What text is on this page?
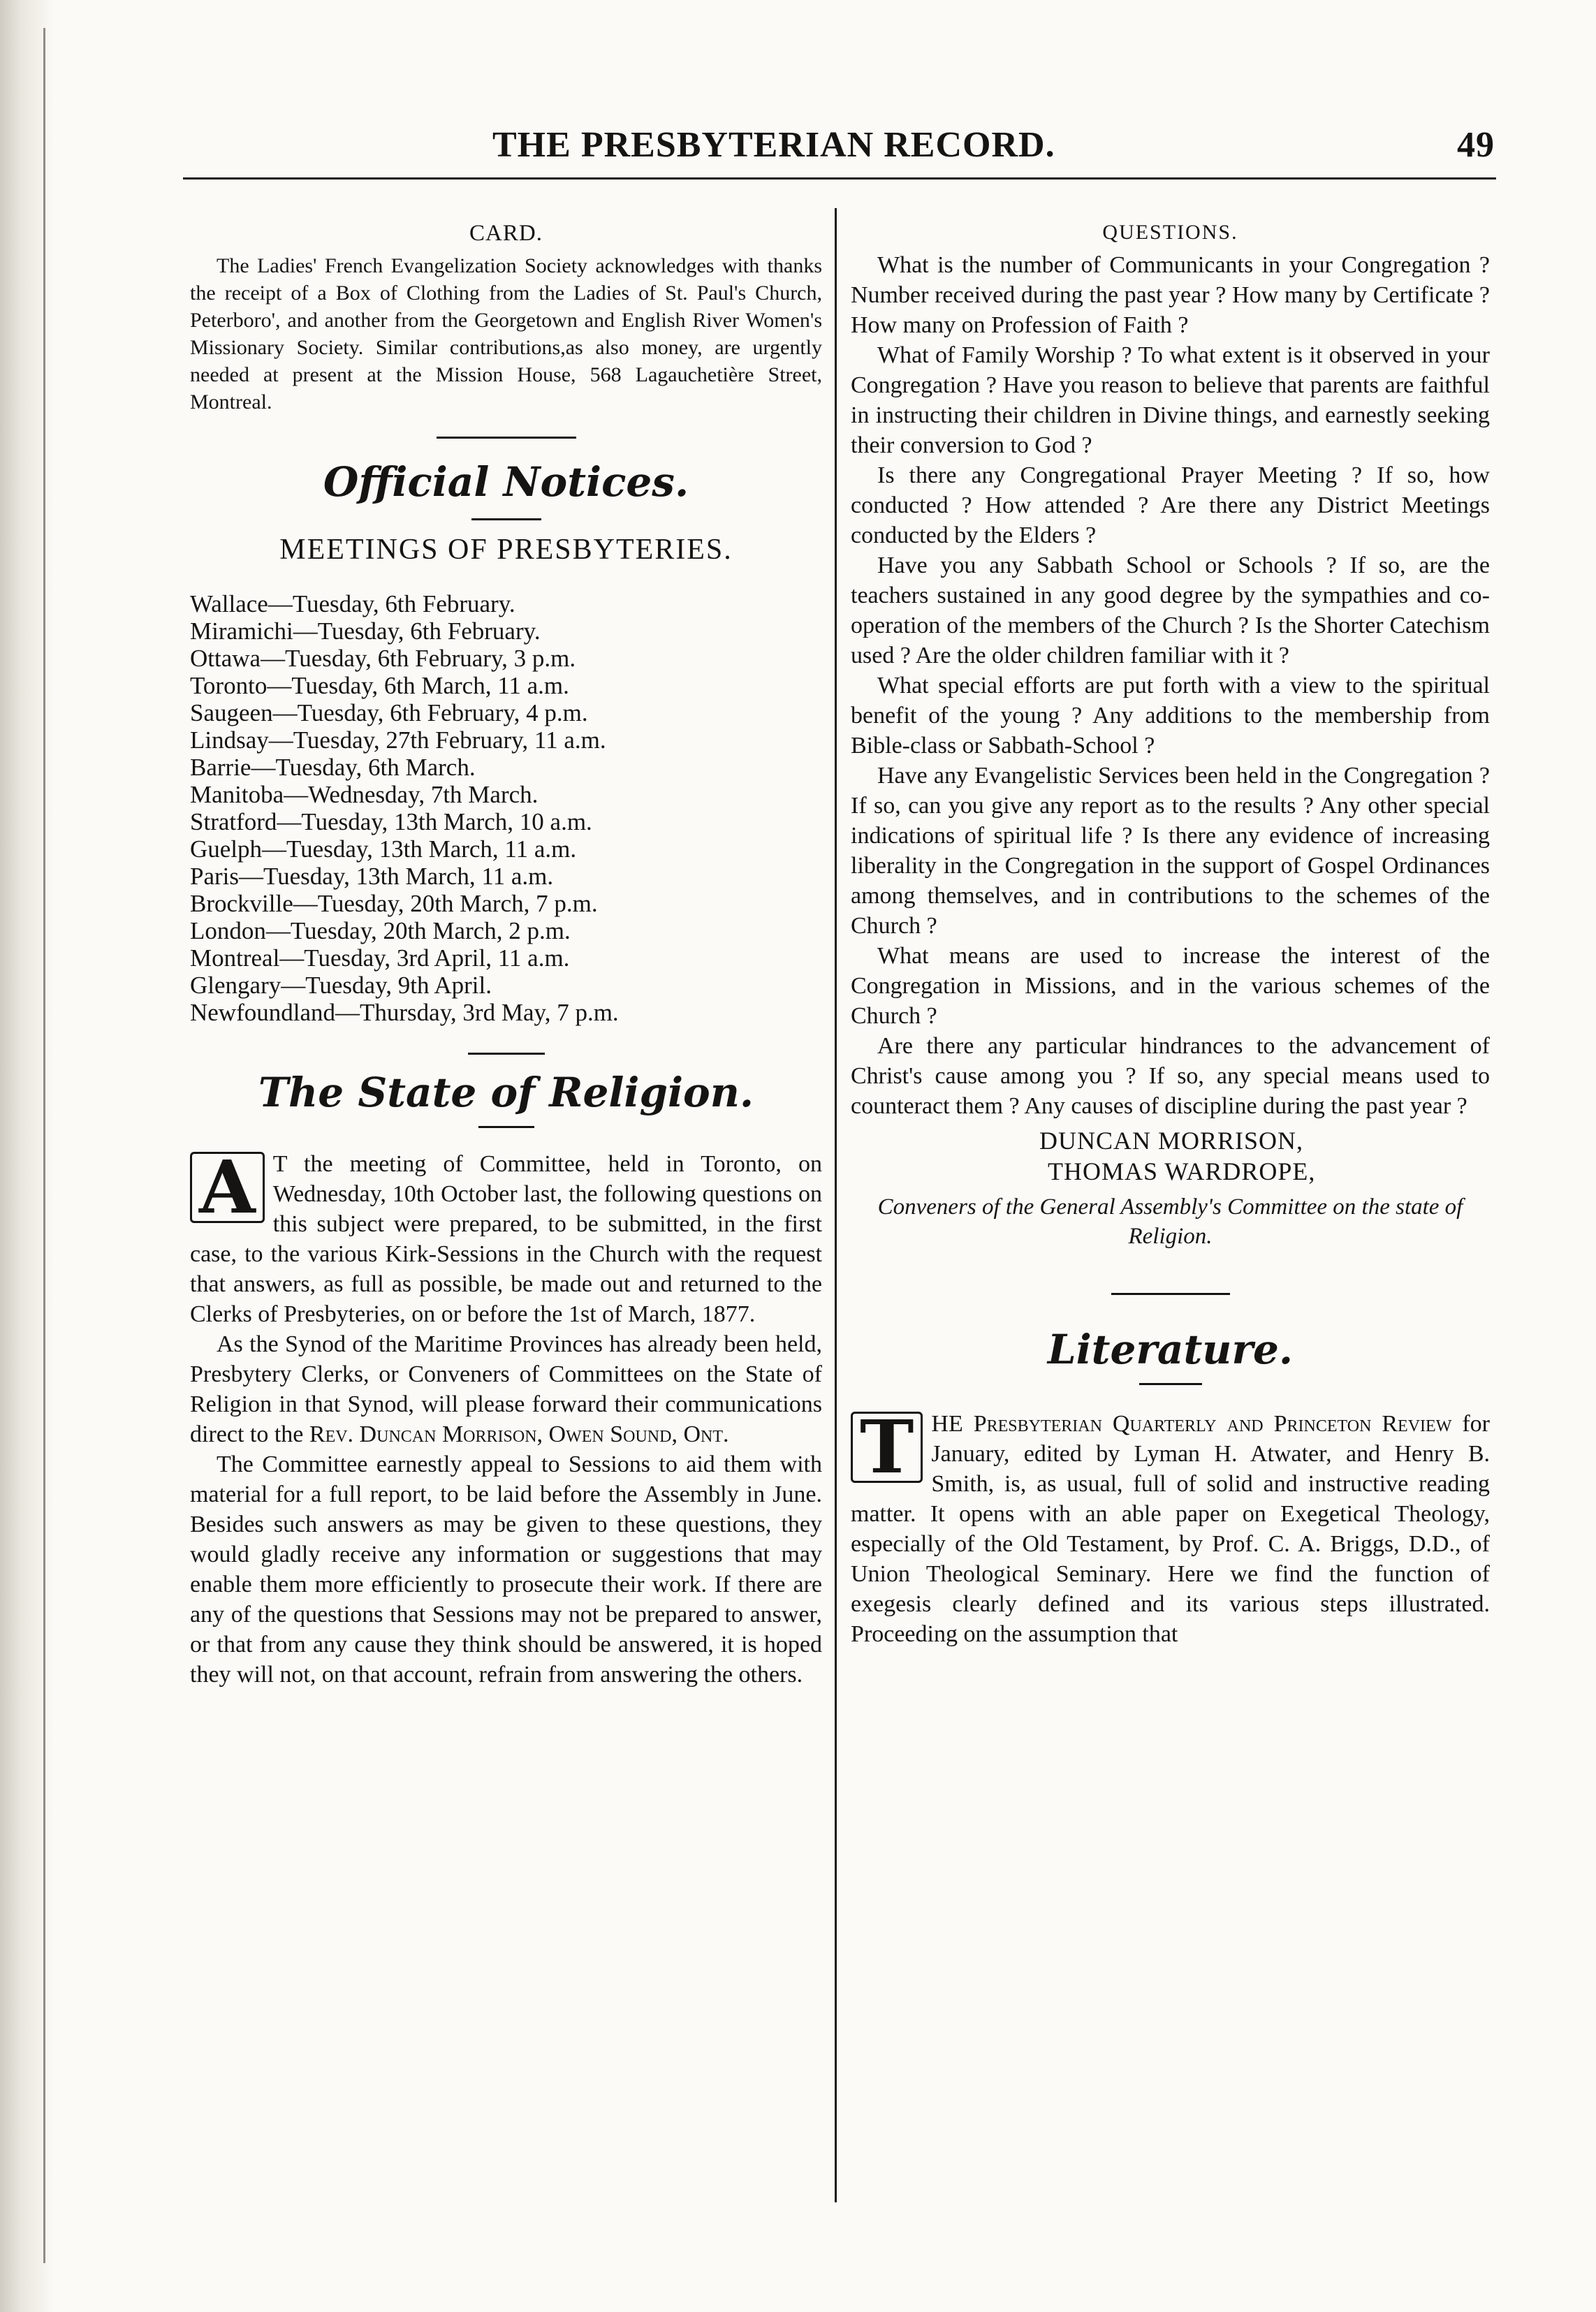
THE PRESBYTERIAN RECORD.	49

CARD.

The Ladies' French Evangelization Society acknowledges with thanks the receipt of a Box of Clothing from the Ladies of St. Paul's Church, Peterboro', and another from the Georgetown and English River Women's Missionary Society. Similar contributions,as also money, are urgently needed at present at the Mission House, 568 Lagauchetière Street, Montreal.

Official Notices.

MEETINGS OF PRESBYTERIES.

Wallace—Tuesday, 6th February.

Miramichi—Tuesday, 6th February.

Ottawa—Tuesday, 6th February, 3 p.m.

Toronto—Tuesday, 6th March, 11 a.m.

Saugeen—Tuesday, 6th February, 4 p.m.

Lindsay—Tuesday, 27th February, 11 a.m.

Barrie—Tuesday, 6th March.

Manitoba—Wednesday, 7th March.

Stratford—Tuesday, 13th March, 10 a.m.

Guelph—Tuesday, 13th March, 11 a.m.

Paris—Tuesday, 13th March, 11 a.m.

Brockville—Tuesday, 20th March, 7 p.m.

London—Tuesday, 20th March, 2 p.m.

Montreal—Tuesday, 3rd April, 11 a.m.

Glengary—Tuesday, 9th April.

Newfoundland—Thursday, 3rd May, 7 p.m.

The State of Religion.

A T the meeting of Committee, held in Toronto, on Wednesday, 10th October last, the following questions on this subject were prepared, to be submitted, in the first case, to the various Kirk-Sessions in the Church with the request that answers, as full as possible, be made out and returned to the Clerks of Presbyteries, on or before the 1st of March, 1877.

As the Synod of the Maritime Provinces has already been held, Presbytery Clerks, or Conveners of Committees on the State of Religion in that Synod, will please forward their communications direct to the Rev. Duncan Morrison, Owen Sound, Ont.

The Committee earnestly appeal to Sessions to aid them with material for a full report, to be laid before the Assembly in June. Besides such answers as may be given to these questions, they would gladly receive any information or suggestions that may enable them more efficiently to prosecute their work. If there are any of the questions that Sessions may not be prepared to answer, or that from any cause they think should be answered, it is hoped they will not, on that account, refrain from answering the others.

QUESTIONS.

What is the number of Communicants in your Congregation ? Number received during the past year ? How many by Certificate ? How many on Profession of Faith ?

What of Family Worship ? To what extent is it observed in your Congregation ? Have you reason to believe that parents are faithful in instructing their children in Divine things, and earnestly seeking their conversion to God ?

Is there any Congregational Prayer Meeting ? If so, how conducted ? How attended ? Are there any District Meetings conducted by the Elders ?

Have you any Sabbath School or Schools ? If so, are the teachers sustained in any good degree by the sympathies and co-operation of the members of the Church ? Is the Shorter Catechism used ? Are the older children familiar with it ?

What special efforts are put forth with a view to the spiritual benefit of the young ? Any additions to the membership from Bible-class or Sabbath-School ?

Have any Evangelistic Services been held in the Congregation ? If so, can you give any report as to the results ? Any other special indications of spiritual life ? Is there any evidence of increasing liberality in the Congregation in the support of Gospel Ordinances among themselves, and in contributions to the schemes of the Church ?

What means are used to increase the interest of the Congregation in Missions, and in the various schemes of the Church ?

Are there any particular hindrances to the advancement of Christ's cause among you ? If so, any special means used to counteract them ? Any causes of discipline during the past year ?

DUNCAN MORRISON,

THOMAS WARDROPE,

Conveners of the General Assembly's Committee on the state of Religion.

Literature.

T HE Presbyterian Quarterly and Princeton Review for January, edited by Lyman H. Atwater, and Henry B. Smith, is, as usual, full of solid and instructive reading matter. It opens with an able paper on Exegetical Theology, especially of the Old Testament, by Prof. C. A. Briggs, D.D., of Union Theological Seminary. Here we find the function of exegesis clearly defined and its various steps illustrated. Proceeding on the assumption that
